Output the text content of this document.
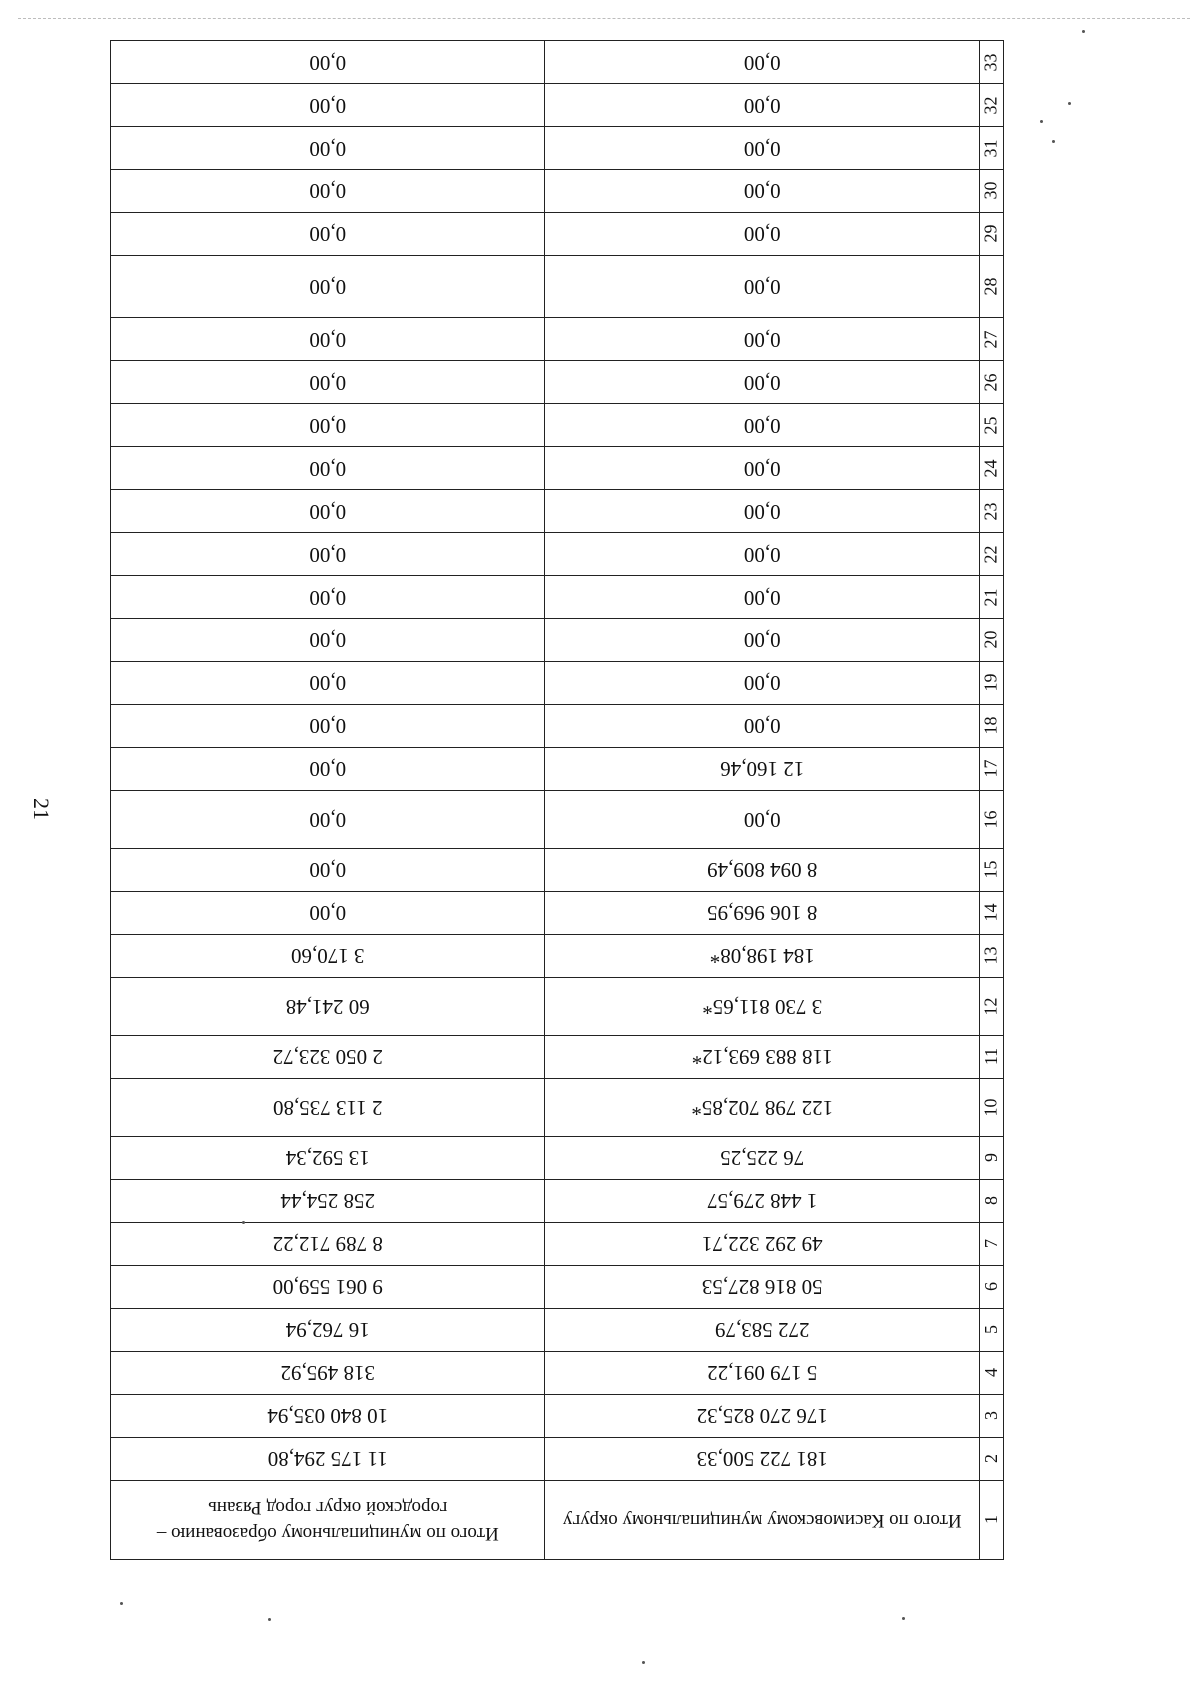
21
1	Итого по Касимовскому муниципальному округу	Итого по муниципальному образованию – городской округ город Рязань
2	181 722 500,33	11 175 294,80
3	176 270 825,32	10 840 035,94
4	5 179 091,22	318 495,92
5	272 583,79	16 762,94
6	50 816 827,53	9 061 559,00
7	49 292 322,71	8 789 712,22
8	1 448 279,57	258 254,44
9	76 225,25	13 592,34
10	122 798 702,85*	2 113 735,80
11	118 883 693,12*	2 050 323,72
12	3 730 811,65*	60 241,48
13	184 198,08*	3 170,60
14	8 106 969,95	0,00
15	8 094 809,49	0,00
16	0,00	0,00
17	12 160,46	0,00
18	0,00	0,00
19	0,00	0,00
20	0,00	0,00
21	0,00	0,00
22	0,00	0,00
23	0,00	0,00
24	0,00	0,00
25	0,00	0,00
26	0,00	0,00
27	0,00	0,00
28	0,00	0,00
29	0,00	0,00
30	0,00	0,00
31	0,00	0,00
32	0,00	0,00
33	0,00	0,00
